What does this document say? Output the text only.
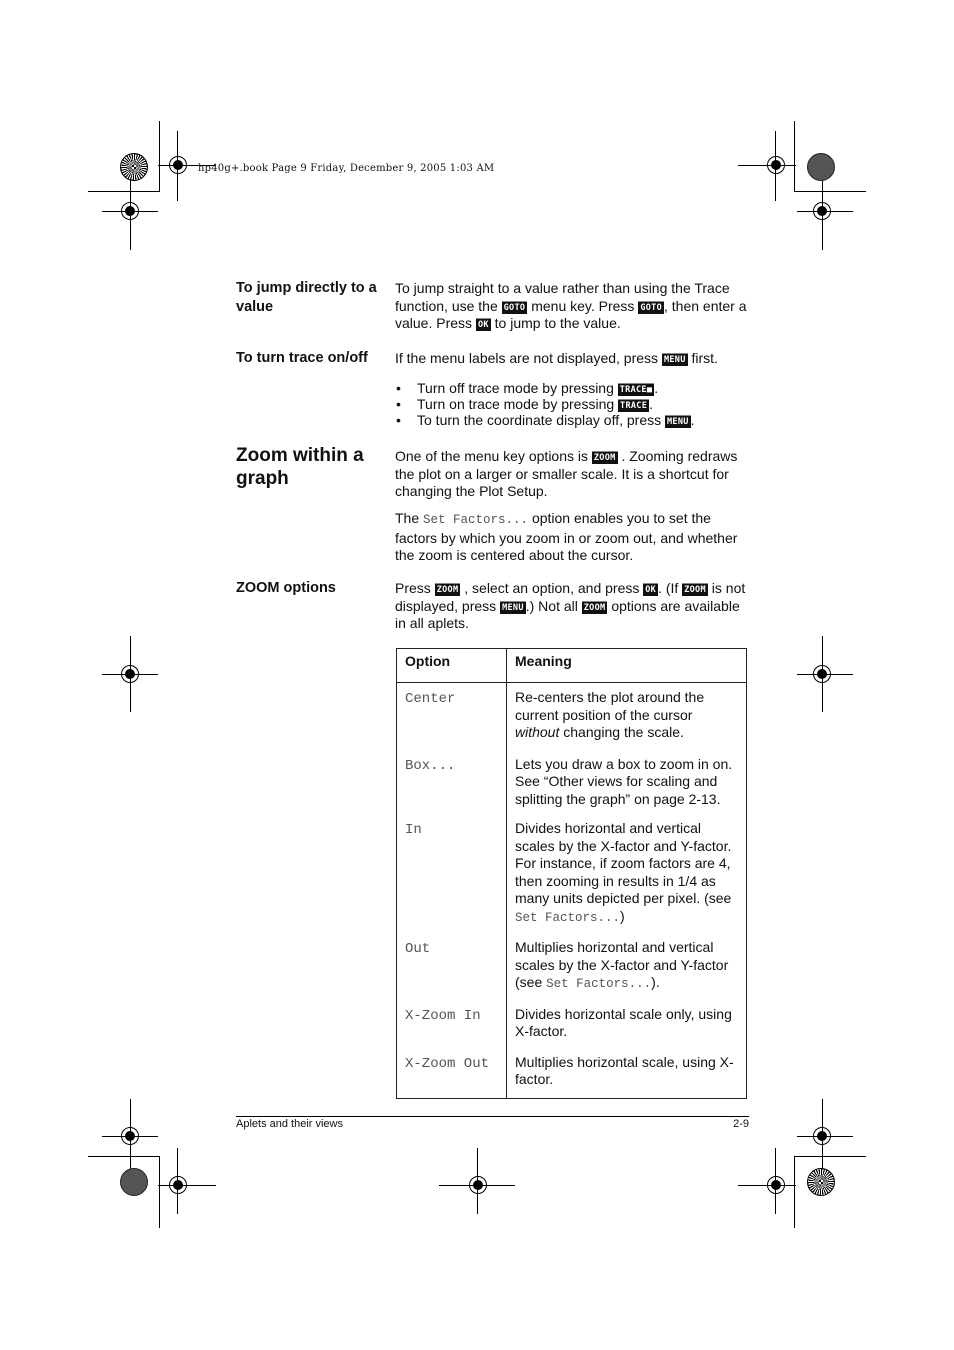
hp40g+.book Page 9 Friday, December 9, 2005 1:03 AM
To jump directly to a value
To jump straight to a value rather than using the Trace function, use the GOTO menu key. Press GOTO , then enter a value. Press OK to jump to the value.
To turn trace on/off	If the menu labels are not displayed, press MENU first.
• Turn off trace mode by pressing TRACE■ .
• Turn on trace mode by pressing TRACE .
• To turn the coordinate display off, press MENU .
Zoom within a graph
One of the menu key options is ZOOM . Zooming redraws the plot on a larger or smaller scale. It is a shortcut for changing the Plot Setup.
The Set Factors... option enables you to set the factors by which you zoom in or zoom out, and whether the zoom is centered about the cursor.
ZOOM options	Press ZOOM , select an option, and press OK . (If ZOOM is not displayed, press MENU .) Not all ZOOM options are available in all aplets.
Option	Meaning
Center	Re-centers the plot around the current position of the cursor without changing the scale.
Box...	Lets you draw a box to zoom in on. See “Other views for scaling and splitting the graph” on page 2-13.
In	Divides horizontal and vertical scales by the X-factor and Y-factor. For instance, if zoom factors are 4, then zooming in results in 1/4 as many units depicted per pixel. (see Set Factors...)
Out	Multiplies horizontal and vertical scales by the X-factor and Y-factor (see Set Factors...).
X-Zoom In	Divides horizontal scale only, using X-factor.
X-Zoom Out	Multiplies horizontal scale, using X-factor.
Aplets and their views	2-9
